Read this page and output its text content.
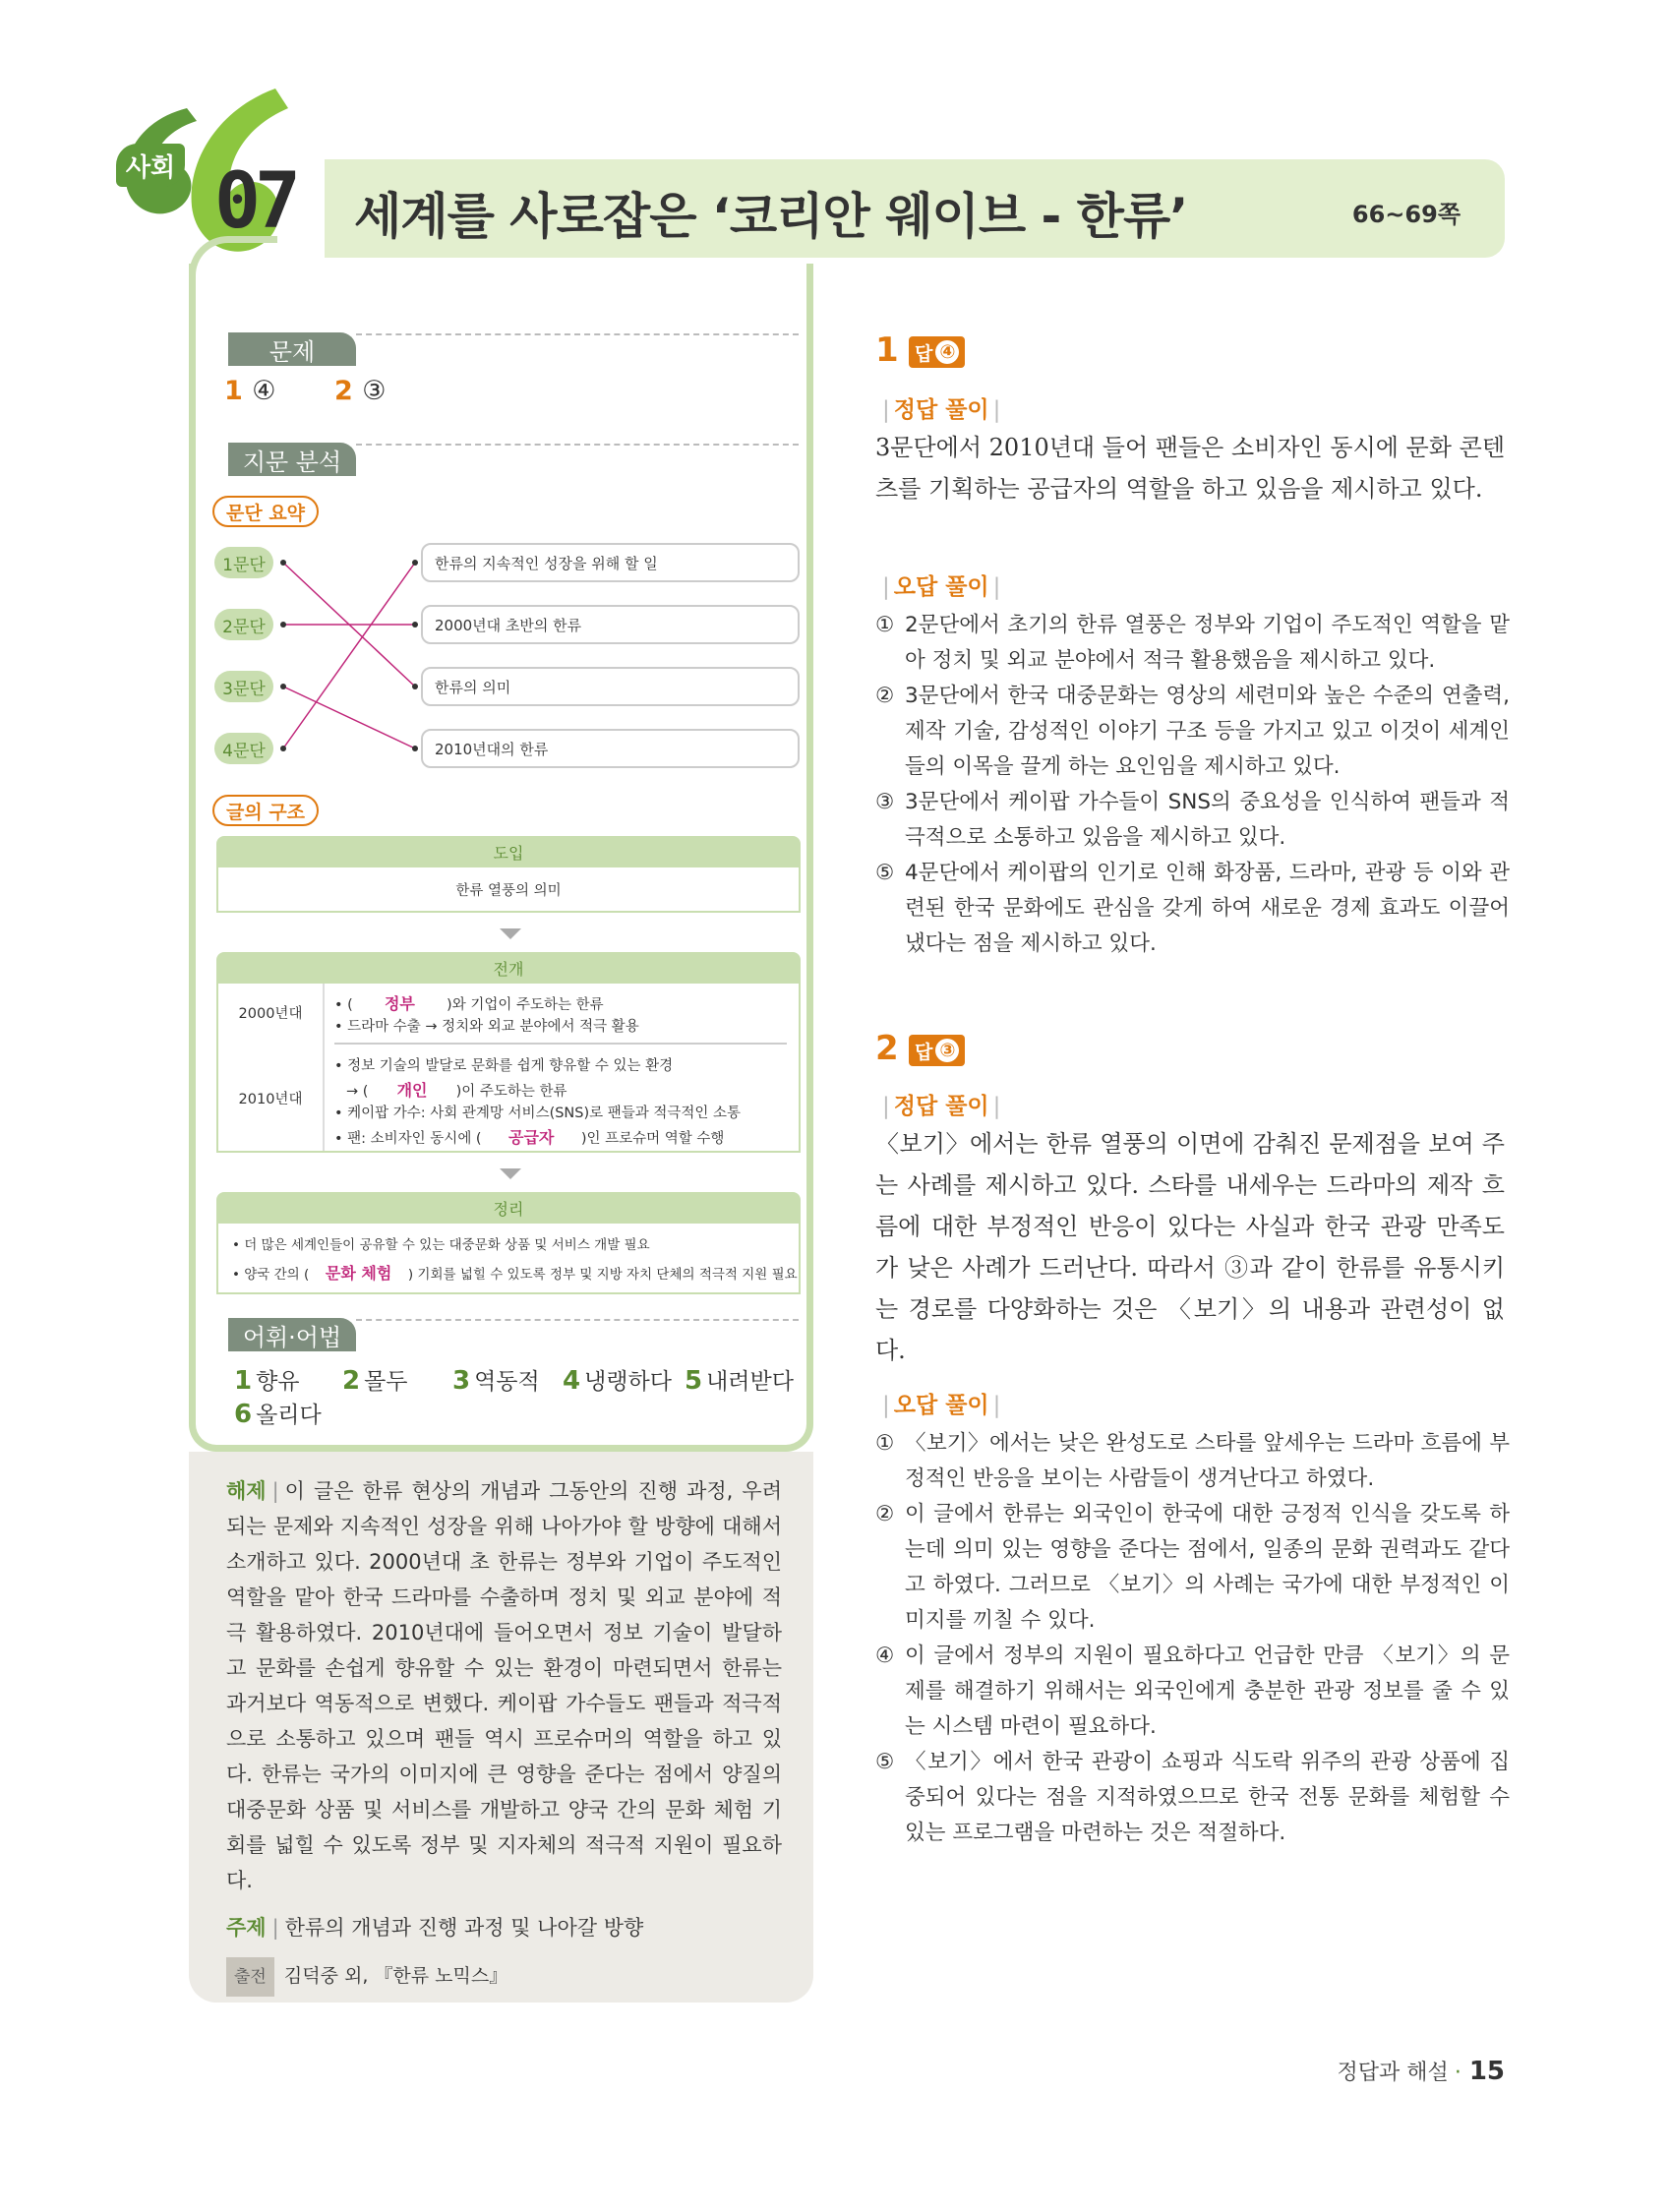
사회 07 세계를 사로잡은 ‘코리안 웨이브 - 한류’	66~69쪽
문제
1 ④ 2 ③
지문 분석
문단 요약
1문단
2문단
3문단
4문단
한류의 지속적인 성장을 위해 할 일
2000년대 초반의 한류
한류의 의미
2010년대의 한류
글의 구조
도입
한류 열풍의 의미
전개
2000년대
• ( 정부 )와 기업이 주도하는 한류
• 드라마 수출 → 정치와 외교 분야에서 적극 활용
2010년대
• 정보 기술의 발달로 문화를 쉽게 향유할 수 있는 환경
→ ( 개인 )이 주도하는 한류
• 케이팝 가수: 사회 관계망 서비스(SNS)로 팬들과 적극적인 소통
• 팬: 소비자인 동시에 ( 공급자 )인 프로슈머 역할 수행
정리
• 더 많은 세계인들이 공유할 수 있는 대중문화 상품 및 서비스 개발 필요
• 양국 간의 ( 문화 체험 ) 기회를 넓힐 수 있도록 정부 및 지방 자치 단체의 적극적 지원 필요
어휘·어법
1 향유 2 몰두 3 역동적 4 냉랭하다 5 내려받다
6 올리다

해제 | 이 글은 한류 현상의 개념과 그동안의 진행 과정, 우려되는 문제와 지속적인 성장을 위해 나아가야 할 방향에 대해서 소개하고 있다. 2000년대 초 한류는 정부와 기업이 주도적인 역할을 맡아 한국 드라마를 수출하며 정치 및 외교 분야에 적극 활용하였다. 2010년대에 들어오면서 정보 기술이 발달하고 문화를 손쉽게 향유할 수 있는 환경이 마련되면서 한류는 과거보다 역동적으로 변했다. 케이팝 가수들도 팬들과 적극적으로 소통하고 있으며 팬들 역시 프로슈머의 역할을 하고 있다. 한류는 국가의 이미지에 큰 영향을 준다는 점에서 양질의 대중문화 상품 및 서비스를 개발하고 양국 간의 문화 체험 기회를 넓힐 수 있도록 정부 및 지자체의 적극적 지원이 필요하다.

주제 | 한류의 개념과 진행 과정 및 나아갈 방향

출전 김덕중 외, 『한류 노믹스』

1 답 ④
| 정답 풀이 |
3문단에서 2010년대 들어 팬들은 소비자인 동시에 문화 콘텐츠를 기획하는 공급자의 역할을 하고 있음을 제시하고 있다.
| 오답 풀이 |
① 2문단에서 초기의 한류 열풍은 정부와 기업이 주도적인 역할을 맡아 정치 및 외교 분야에서 적극 활용했음을 제시하고 있다.
② 3문단에서 한국 대중문화는 영상의 세련미와 높은 수준의 연출력, 제작 기술, 감성적인 이야기 구조 등을 가지고 있고 이것이 세계인들의 이목을 끌게 하는 요인임을 제시하고 있다.
③ 3문단에서 케이팝 가수들이 SNS의 중요성을 인식하여 팬들과 적극적으로 소통하고 있음을 제시하고 있다.
⑤ 4문단에서 케이팝의 인기로 인해 화장품, 드라마, 관광 등 이와 관련된 한국 문화에도 관심을 갖게 하여 새로운 경제 효과도 이끌어 냈다는 점을 제시하고 있다.
2 답 ③
| 정답 풀이 |
〈보기〉에서는 한류 열풍의 이면에 감춰진 문제점을 보여 주는 사례를 제시하고 있다. 스타를 내세우는 드라마의 제작 흐름에 대한 부정적인 반응이 있다는 사실과 한국 관광 만족도가 낮은 사례가 드러난다. 따라서 ③과 같이 한류를 유통시키는 경로를 다양화하는 것은 〈보기〉의 내용과 관련성이 없다.
| 오답 풀이 |
① 〈보기〉에서는 낮은 완성도로 스타를 앞세우는 드라마 흐름에 부정적인 반응을 보이는 사람들이 생겨난다고 하였다.
② 이 글에서 한류는 외국인이 한국에 대한 긍정적 인식을 갖도록 하는데 의미 있는 영향을 준다는 점에서, 일종의 문화 권력과도 같다고 하였다. 그러므로 〈보기〉의 사례는 국가에 대한 부정적인 이미지를 끼칠 수 있다.
④ 이 글에서 정부의 지원이 필요하다고 언급한 만큼 〈보기〉의 문제를 해결하기 위해서는 외국인에게 충분한 관광 정보를 줄 수 있는 시스템 마련이 필요하다.
⑤ 〈보기〉에서 한국 관광이 쇼핑과 식도락 위주의 관광 상품에 집중되어 있다는 점을 지적하였으므로 한국 전통 문화를 체험할 수 있는 프로그램을 마련하는 것은 적절하다.
정답과 해설 · 15
